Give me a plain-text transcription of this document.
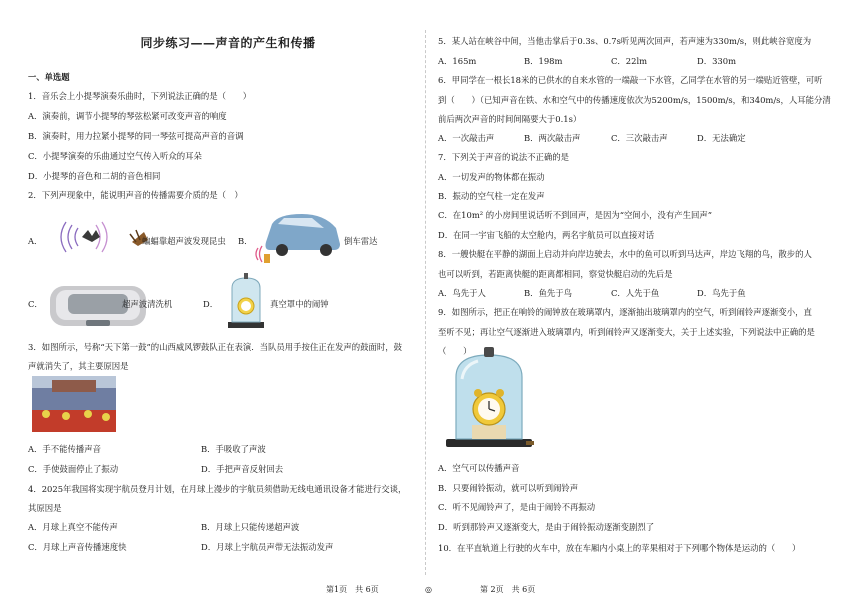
同步练习——声音的产生和传播
一、单选题
1．音乐会上小提琴演奏乐曲时，下列说法正确的是（　　）
A．演奏前，调节小提琴的琴弦松紧可改变声音的响度
B．演奏时，用力拉紧小提琴的同一琴弦可提高声音的音调
C．小提琴演奏的乐曲通过空气传入听众的耳朵
D．小提琴的音色和二胡的音色相同
2．下列声现象中，能说明声音的传播需要介质的是（　）
A．	蝙蝠靠超声波发现昆虫 B．	倒车雷达
C．	超声波清洗机	D．	真空罩中的闹钟
3．如图所示，号称“天下第一鼓”的山西威风锣鼓队正在表演．当队员用手按住正在发声的鼓面时，鼓
声就消失了，其主要原因是
A．手不能传播声音	B．手吸收了声波
C．手使鼓面停止了振动	D．手把声音反射回去
4．2025年我国将实现宇航员登月计划，在月球上漫步的宇航员须借助无线电通讯设备才能进行交谈，
其原因是
A．月球上真空不能传声	B．月球上只能传递超声波
C．月球上声音传播速度快	D．月球上宇航员声带无法振动发声
第1页　共 6页	◎
5．某人站在峡谷中间，当他击掌后于0.3s、0.7s听见两次回声，若声速为330m/s，则此峡谷宽度为
A．165m	B．198m	C．22lm	D．330m
6．甲同学在一根长18米的已供水的自来水管的一端敲一下水管，乙同学在水管的另一端贴近管壁，可听
到（　　）（已知声音在铁、水和空气中的传播速度依次为5200m/s，1500m/s，和340m/s，人耳能分清
前后两次声音的时间间隔要大于0.1s）
A．一次敲击声	B．两次敲击声	C．三次敲击声	D．无法确定
7．下列关于声音的说法不正确的是
A．一切发声的物体都在振动
B．振动的空气柱一定在发声
C．在10m² 的小房间里说话听不到回声，是因为“空间小，没有产生回声”
D．在同一宇宙飞船的太空舱内，两名宇航员可以直接对话
8．一艘快艇在平静的湖面上启动并向岸边驶去，水中的鱼可以听到马达声，岸边飞翔的鸟，散步的人
也可以听到，若距离快艇的距离都相同，察觉快艇启动的先后是
A．鸟先于人	B．鱼先于鸟	C．人先于鱼	D．鸟先于鱼
9．如图所示，把正在响铃的闹钟放在玻璃罩内，逐渐抽出玻璃罩内的空气，听到闹铃声逐渐变小，直
至听不见；再让空气逐渐进入玻璃罩内，听到闹铃声又逐渐变大，关于上述实验，下列说法中正确的是
（　　）
A．空气可以传播声音
B．只要闹铃振动，就可以听到闹铃声
C．听不见闹铃声了，是由于闹铃不再振动
D．听到那铃声又逐渐变大，是由于闹铃振动逐渐变剧烈了
10．在平直轨道上行驶的火车中，放在车厢内小桌上的苹果相对于下列哪个物体是运动的（　　）
第 2页　共 6页
